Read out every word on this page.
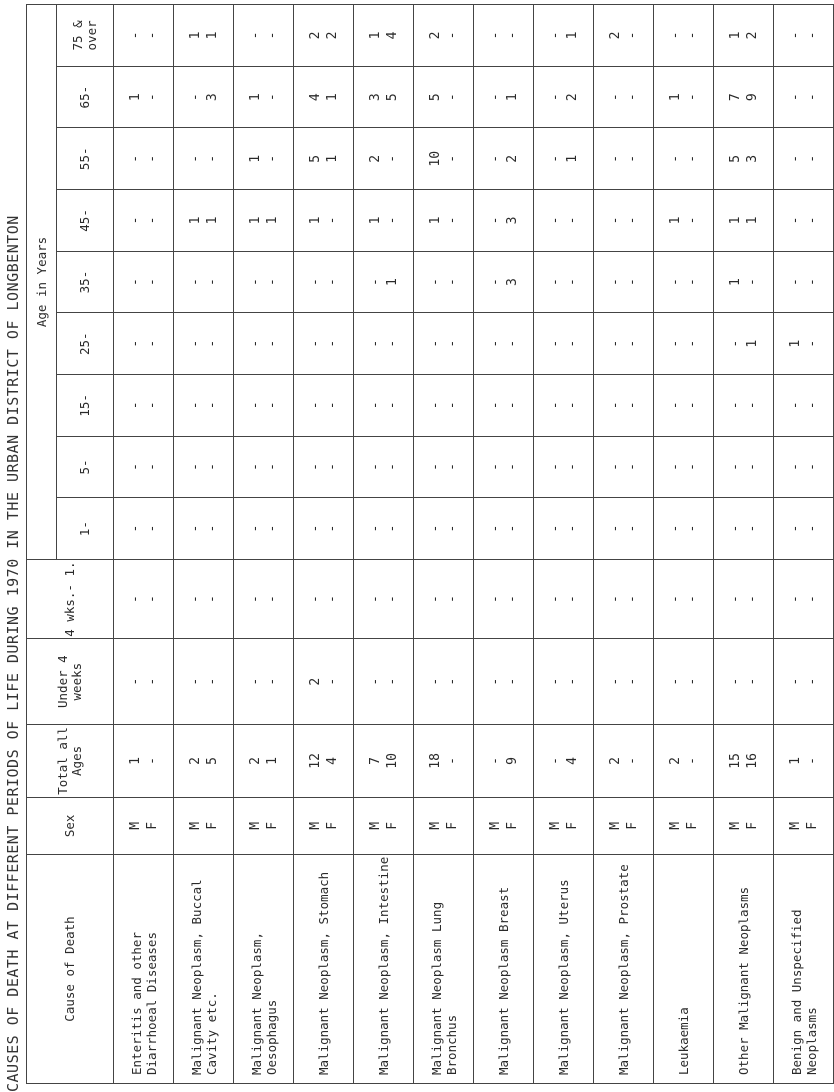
CAUSES OF DEATH AT DIFFERENT PERIODS OF LIFE DURING 1970 IN THE URBAN DISTRICT OF LONGBENTON	Cause of Death	Sex	Total all Ages	Under 4 weeks	4 wks.- 1.	Age in Years								
					1-	5-	15-	25-	35-	45-	55-	65-	75 & over
Enteritis and other Diarrhoeal Diseases	M F	1 -	- -	- -	- -	- -	- -	- -	- -	- -	- -	1 -	- -
Malignant Neoplasm, Buccal Cavity etc.	M F	2 5	- -	- -	- -	- -	- -	- -	- -	1 1	- -	- 3	1 1
Malignant Neoplasm, Oesophagus	M F	2 1	- -	- -	- -	- -	- -	- -	- -	1 1	1 -	1 -	- -
Malignant Neoplasm, Stomach	M F	12 4	2 -	- -	- -	- -	- -	- -	- -	1 -	5 1	4 1	2 2
Malignant Neoplasm, Intestine	M F	7 10	- -	- -	- -	- -	- -	- -	- 1	1 -	2 -	3 5	1 4
Malignant Neoplasm Lung Bronchus	M F	18 -	- -	- -	- -	- -	- -	- -	- -	1 -	10 -	5 -	2 -
Malignant Neoplasm Breast	M F	- 9	- -	- -	- -	- -	- -	- -	- 3	- 3	- 2	- 1	- -
Malignant Neoplasm, Uterus	M F	- 4	- -	- -	- -	- -	- -	- -	- -	- -	- 1	- 2	- 1
Malignant Neoplasm, Prostate	M F	2 -	- -	- -	- -	- -	- -	- -	- -	- -	- -	- -	2 -
Leukaemia	M F	2 -	- -	- -	- -	- -	- -	- -	- -	1 -	- -	1 -	- -
Other Malignant Neoplasms	M F	15 16	- -	- -	- -	- -	- -	- 1	1 -	1 1	5 3	7 9	1 2
Benign and Unspecified Neoplasms	M F	1 -	- -	- -	- -	- -	- -	1 -	- -	- -	- -	- -	- -
